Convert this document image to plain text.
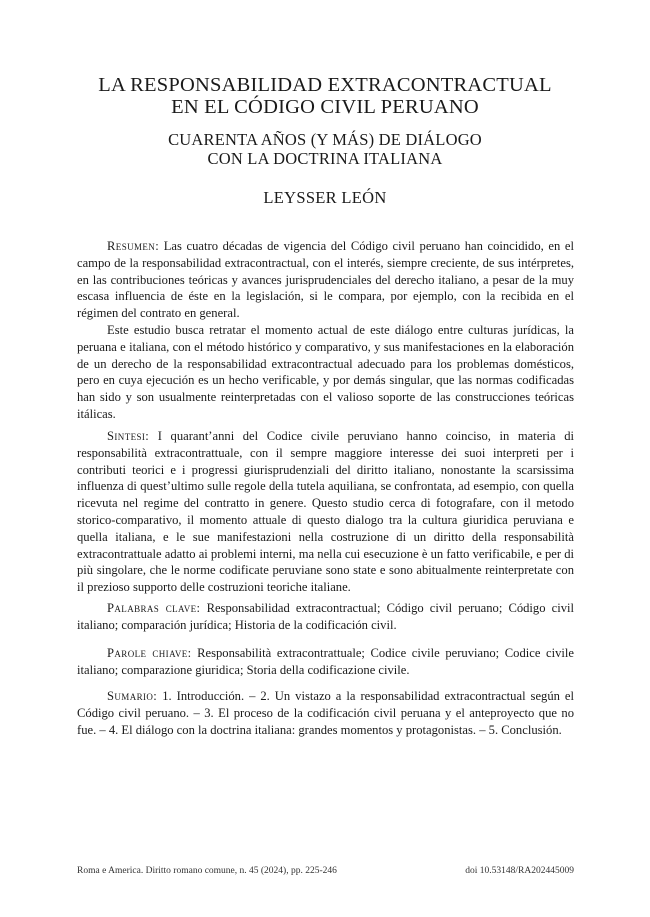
LA RESPONSABILIDAD EXTRACONTRACTUAL
EN EL CÓDIGO CIVIL PERUANO
CUARENTA AÑOS (Y MÁS) DE DIÁLOGO
CON LA DOCTRINA ITALIANA
LEYSSER LEÓN

Resumen: Las cuatro décadas de vigencia del Código civil peruano han coincidido, en el campo de la responsabilidad extracontractual, con el interés, siempre creciente, de sus intérpretes, en las contribuciones teóricas y avances jurisprudenciales del derecho italiano, a pesar de la muy escasa influencia de éste en la legislación, si le compara, por ejemplo, con la recibida en el régimen del contrato en general.

Este estudio busca retratar el momento actual de este diálogo entre culturas jurídicas, la peruana e italiana, con el método histórico y comparativo, y sus manifestaciones en la elaboración de un derecho de la responsabilidad extracontractual adecuado para los problemas domésticos, pero en cuya ejecución es un hecho verificable, y por demás singular, que las normas codificadas han sido y son usualmente reinterpretadas con el valioso soporte de las construcciones teóricas itálicas.

Sintesi: I quarant’anni del Codice civile peruviano hanno coinciso, in materia di responsabilità extracontrattuale, con il sempre maggiore interesse dei suoi interpreti per i contributi teorici e i progressi giurisprudenziali del diritto italiano, nonostante la scarsissima influenza di quest’ultimo sulle regole della tutela aquiliana, se confrontata, ad esempio, con quella ricevuta nel regime del contratto in genere. Questo studio cerca di fotografare, con il metodo storico-comparativo, il momento attuale di questo dialogo tra la cultura giuridica peruviana e quella italiana, e le sue manifestazioni nella costruzione di un diritto della responsabilità extracontrattuale adatto ai problemi interni, ma nella cui esecuzione è un fatto verificabile, e per di più singolare, che le norme codificate peruviane sono state e sono abitualmente reinterpretate con il prezioso supporto delle costruzioni teoriche italiane.

Palabras clave: Responsabilidad extracontractual; Código civil peruano; Código civil italiano; comparación jurídica; Historia de la codificación civil.

Parole chiave: Responsabilità extracontrattuale; Codice civile peruviano; Codice civile italiano; comparazione giuridica; Storia della codificazione civile.

Sumario: 1. Introducción. – 2. Un vistazo a la responsabilidad extracontractual según el Código civil peruano. – 3. El proceso de la codificación civil peruana y el anteproyecto que no fue. – 4. El diálogo con la doctrina italiana: grandes momentos y protagonistas. – 5. Conclusión.

Roma e America. Diritto romano comune, n. 45 (2024), pp. 225-246	doi 10.53148/RA202445009
